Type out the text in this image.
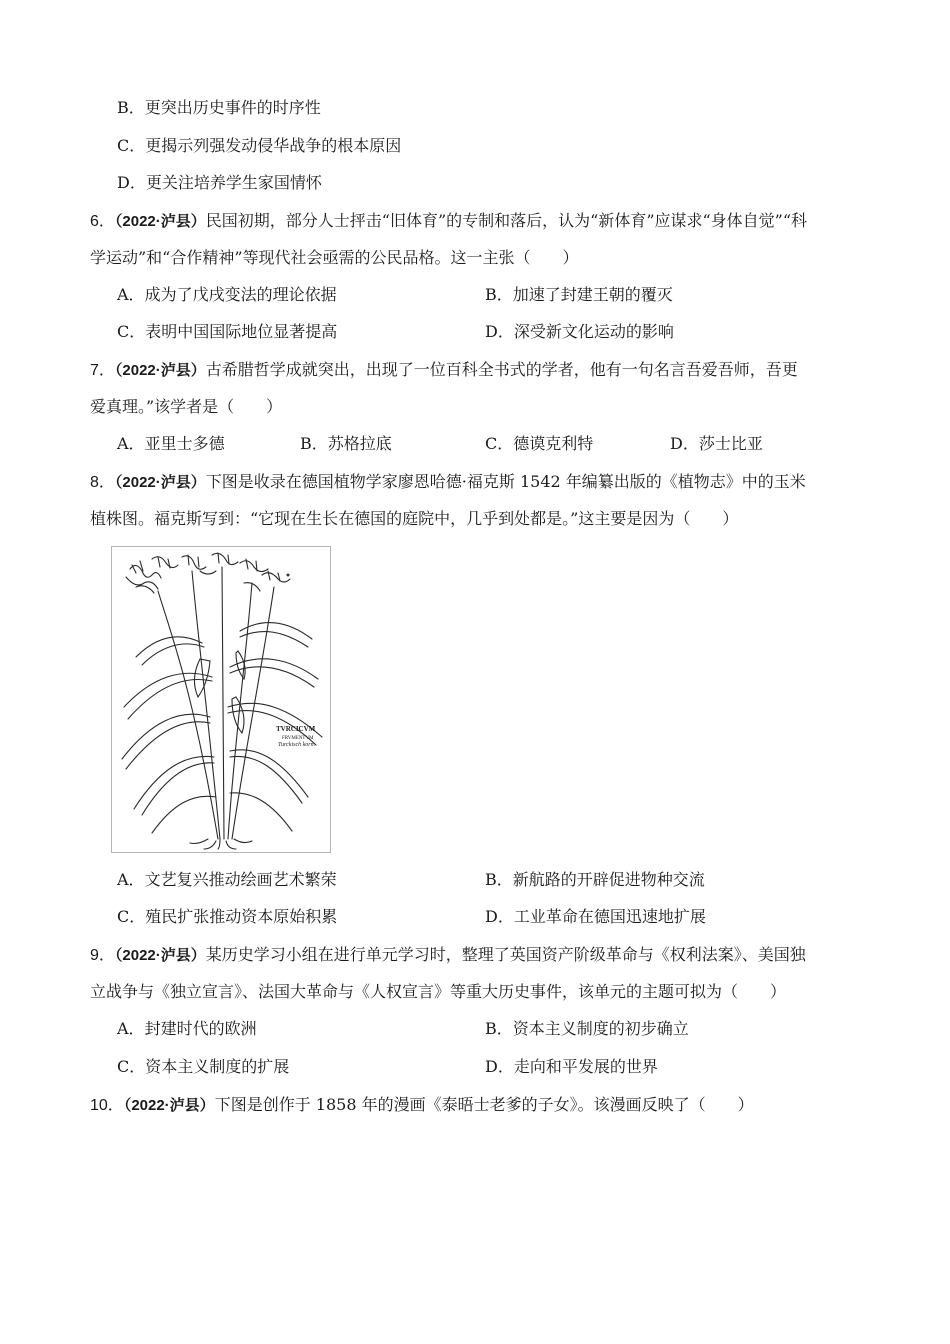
B．更突出历史事件的时序性
C．更揭示列强发动侵华战争的根本原因
D．更关注培养学生家国情怀
6．（2022·泸县）民国初期，部分人士抨击“旧体育”的专制和落后，认为“新体育”应谋求“身体自觉”“科
学运动”和“合作精神”等现代社会亟需的公民品格。这一主张（　　）
A．成为了戊戌变法的理论依据	B．加速了封建王朝的覆灭
C．表明中国国际地位显著提高	D．深受新文化运动的影响
7．（2022·泸县）古希腊哲学成就突出，出现了一位百科全书式的学者，他有一句名言吾爱吾师，吾更
爱真理。”该学者是（　　）
A．亚里士多德	B．苏格拉底	C．德谟克利特	D．莎士比亚
8．（2022·泸县）下图是收录在德国植物学家廖恩哈德·福克斯 1542 年编纂出版的《植物志》中的玉米
植株图。福克斯写到：“它现在生长在德国的庭院中，几乎到处都是。”这主要是因为（　　）
TVRCICVM
FRVMENTVM
Turckisch korn.
A．文艺复兴推动绘画艺术繁荣	B．新航路的开辟促进物种交流
C．殖民扩张推动资本原始积累	D．工业革命在德国迅速地扩展
9．（2022·泸县）某历史学习小组在进行单元学习时，整理了英国资产阶级革命与《权利法案》、美国独
立战争与《独立宣言》、法国大革命与《人权宣言》等重大历史事件，该单元的主题可拟为（　　）
A．封建时代的欧洲	B．资本主义制度的初步确立
C．资本主义制度的扩展	D．走向和平发展的世界
10．（2022·泸县）下图是创作于 1858 年的漫画《泰晤士老爹的子女》。该漫画反映了（　　）
